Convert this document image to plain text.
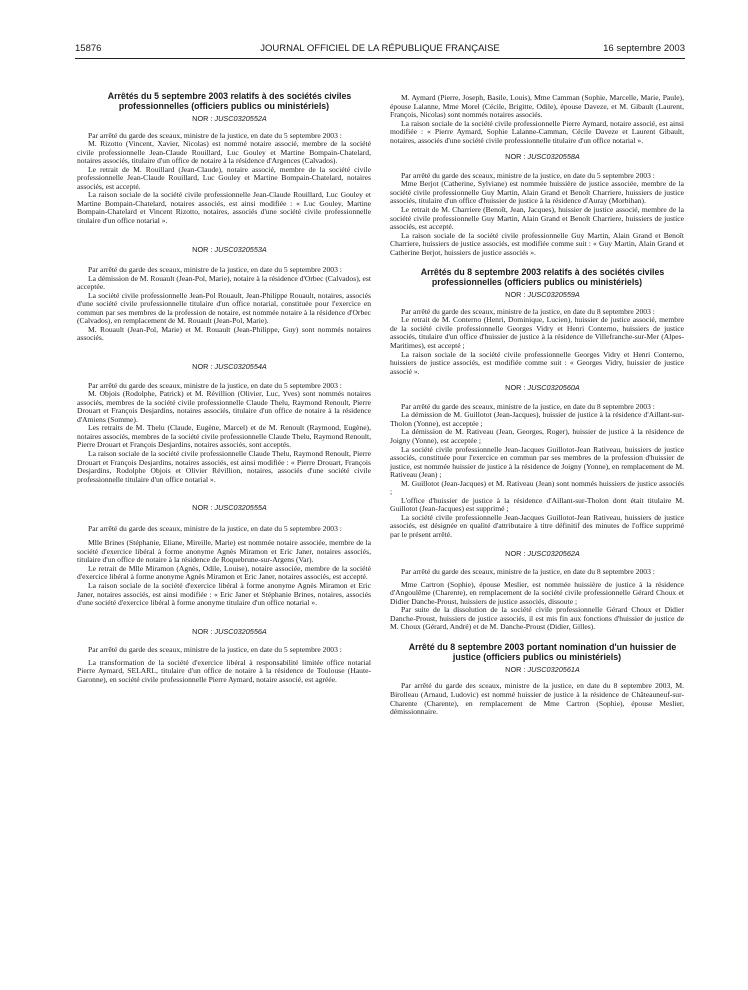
15876	JOURNAL OFFICIEL DE LA RÉPUBLIQUE FRANÇAISE	16 septembre 2003

Arrêtés du 5 septembre 2003 relatifs à des sociétés civiles professionnelles (officiers publics ou ministériels)

NOR : JUSC0320552A

Par arrêté du garde des sceaux, ministre de la justice, en date du 5 septembre 2003 :

M. Rizotto (Vincent, Xavier, Nicolas) est nommé notaire associé, membre de la société civile professionnelle Jean-Claude Rouillard, Luc Gouley et Martine Bompain-Chatelard, notaires associés, titulaire d'un office de notaire à la résidence d'Argences (Calvados).

Le retrait de M. Rouillard (Jean-Claude), notaire associé, membre de la société civile professionnelle Jean-Claude Rouillard, Luc Gouley et Martine Bompain-Chatelard, notaires associés, est accepté.

La raison sociale de la société civile professionnelle Jean-Claude Rouillard, Luc Gouley et Martine Bompain-Chatelard, notaires associés, est ainsi modifiée : « Luc Gouley, Martine Bompain-Chatelard et Vincent Rizotto, notaires, associés d'une société civile professionnelle titulaire d'un office notarial ».

NOR : JUSC0320553A

Par arrêté du garde des sceaux, ministre de la justice, en date du 5 septembre 2003 :

La démission de M. Rouault (Jean-Pol, Marie), notaire à la résidence d'Orbec (Calvados), est acceptée.

La société civile professionnelle Jean-Pol Rouault, Jean-Philippe Rouault, notaires, associés d'une société civile professionnelle titulaire d'un office notarial, constituée pour l'exercice en commun par ses membres de la profession de notaire, est nommée notaire à la résidence d'Orbec (Calvados), en remplacement de M. Rouault (Jean-Pol, Marie).

M. Rouault (Jean-Pol, Marie) et M. Rouault (Jean-Philippe, Guy) sont nommés notaires associés.

NOR : JUSC0320554A

Par arrêté du garde des sceaux, ministre de la justice, en date du 5 septembre 2003 :

M. Objois (Rodolphe, Patrick) et M. Révillion (Olivier, Luc, Yves) sont nommés notaires associés, membres de la société civile professionnelle Claude Thelu, Raymond Renoult, Pierre Drouart et François Desjardins, notaires associés, titulaire d'un office de notaire à la résidence d'Amiens (Somme).

Les retraits de M. Thelu (Claude, Eugène, Marcel) et de M. Renoult (Raymond, Eugène), notaires associés, membres de la société civile professionnelle Claude Thelu, Raymond Renoult, Pierre Drouart et François Desjardins, notaires associés, sont acceptés.

La raison sociale de la société civile professionnelle Claude Thelu, Raymond Renoult, Pierre Drouart et François Desjardins, notaires associés, est ainsi modifiée : « Pierre Drouart, François Desjardins, Rodolphe Objois et Olivier Révillion, notaires, associés d'une société civile professionnelle titulaire d'un office notarial ».

NOR : JUSC0320555A

Par arrêté du garde des sceaux, ministre de la justice, en date du 5 septembre 2003 :

Mlle Brines (Stéphanie, Eliane, Mireille, Marie) est nommée notaire associée, membre de la société d'exercice libéral à forme anonyme Agnès Miramon et Eric Janer, notaires associés, titulaire d'un office de notaire à la résidence de Roquebrune-sur-Argens (Var).

Le retrait de Mlle Miramon (Agnès, Odile, Louise), notaire associée, membre de la société d'exercice libéral à forme anonyme Agnès Miramon et Eric Janer, notaires associés, est accepté.

La raison sociale de la société d'exercice libéral à forme anonyme Agnès Miramon et Eric Janer, notaires associés, est ainsi modifiée : « Eric Janer et Stéphanie Brines, notaires, associés d'une société d'exercice libéral à forme anonyme titulaire d'un office notarial ».

NOR : JUSC0320556A

Par arrêté du garde des sceaux, ministre de la justice, en date du 5 septembre 2003 :

La transformation de la société d'exercice libéral à responsabilité limitée office notarial Pierre Aymard, SELARL, titulaire d'un office de notaire à la résidence de Toulouse (Haute-Garonne), en société civile professionnelle Pierre Aymard, notaire associé, est agréée.

M. Aymard (Pierre, Joseph, Basile, Louis), Mme Camman (Sophie, Marcelle, Marie, Paule), épouse Lalanne, Mme Morel (Cécile, Brigitte, Odile), épouse Daveze, et M. Gibault (Laurent, François, Nicolas) sont nommés notaires associés.

La raison sociale de la société civile professionnelle Pierre Aymard, notaire associé, est ainsi modifiée : « Pierre Aymard, Sophie Lalanne-Camman, Cécile Daveze et Laurent Gibault, notaires, associés d'une société civile professionnelle titulaire d'un office notarial ».

NOR : JUSC0320558A

Par arrêté du garde des sceaux, ministre de la justice, en date du 5 septembre 2003 :

Mme Berjot (Catherine, Sylviane) est nommée huissière de justice associée, membre de la société civile professionnelle Guy Martin, Alain Grand et Benoît Charriere, huissiers de justice associés, titulaire d'un office d'huissier de justice à la résidence d'Auray (Morbihan).

Le retrait de M. Charriere (Benoît, Jean, Jacques), huissier de justice associé, membre de la société civile professionnelle Guy Martin, Alain Grand et Benoît Charriere, huissiers de justice associés, est accepté.

La raison sociale de la société civile professionnelle Guy Martin, Alain Grand et Benoît Charriere, huissiers de justice associés, est modifiée comme suit : « Guy Martin, Alain Grand et Catherine Berjot, huissiers de justice associés ».

Arrêtés du 8 septembre 2003 relatifs à des sociétés civiles professionnelles (officiers publics ou ministériels)

NOR : JUSC0320559A

Par arrêté du garde des sceaux, ministre de la justice, en date du 8 septembre 2003 :

Le retrait de M. Conterno (Henri, Dominique, Lucien), huissier de justice associé, membre de la société civile professionnelle Georges Vidry et Henri Conterno, huissiers de justice associés, titulaire d'un office d'huissier de justice à la résidence de Villefranche-sur-Mer (Alpes-Maritimes), est accepté ;

La raison sociale de la société civile professionnelle Georges Vidry et Henri Conterno, huissiers de justice associés, est modifiée comme suit : « Georges Vidry, huissier de justice associé ».

NOR : JUSC0320560A

Par arrêté du garde des sceaux, ministre de la justice, en date du 8 septembre 2003 :

La démission de M. Guillotot (Jean-Jacques), huissier de justice à la résidence d'Aillant-sur-Tholon (Yonne), est acceptée ;

La démission de M. Rativeau (Jean, Georges, Roger), huissier de justice à la résidence de Joigny (Yonne), est acceptée ;

La société civile professionnelle Jean-Jacques Guillotot-Jean Rativeau, huissiers de justice associés, constituée pour l'exercice en commun par ses membres de la profession d'huissier de justice, est nommée huissier de justice à la résidence de Joigny (Yonne), en remplacement de M. Rativeau (Jean) ;

M. Guillotot (Jean-Jacques) et M. Rativeau (Jean) sont nommés huissiers de justice associés ;

L'office d'huissier de justice à la résidence d'Aillant-sur-Tholon dont était titulaire M. Guillotot (Jean-Jacques) est supprimé ;

La société civile professionnelle Jean-Jacques Guillotot-Jean Rativeau, huissiers de justice associés, est désignée en qualité d'attributaire à titre définitif des minutes de l'office supprimé par le présent arrêté.

NOR : JUSC0320562A

Par arrêté du garde des sceaux, ministre de la justice, en date du 8 septembre 2003 :

Mme Cartron (Sophie), épouse Meslier, est nommée huissière de justice à la résidence d'Angoulême (Charente), en remplacement de la société civile professionnelle Gérard Choux et Didier Danche-Proust, huissiers de justice associés, dissoute ;

Par suite de la dissolution de la société civile professionnelle Gérard Choux et Didier Danche-Proust, huissiers de justice associés, il est mis fin aux fonctions d'huissier de justice de M. Choux (Gérard, André) et de M. Danche-Proust (Didier, Gilles).

Arrêté du 8 septembre 2003 portant nomination d'un huissier de justice (officiers publics ou ministériels)

NOR : JUSC0320561A

Par arrêté du garde des sceaux, ministre de la justice, en date du 8 septembre 2003, M. Birolleau (Arnaud, Ludovic) est nommé huissier de justice à la résidence de Châteauneuf-sur-Charente (Charente), en remplacement de Mme Cartron (Sophie), épouse Meslier, démissionnaire.
